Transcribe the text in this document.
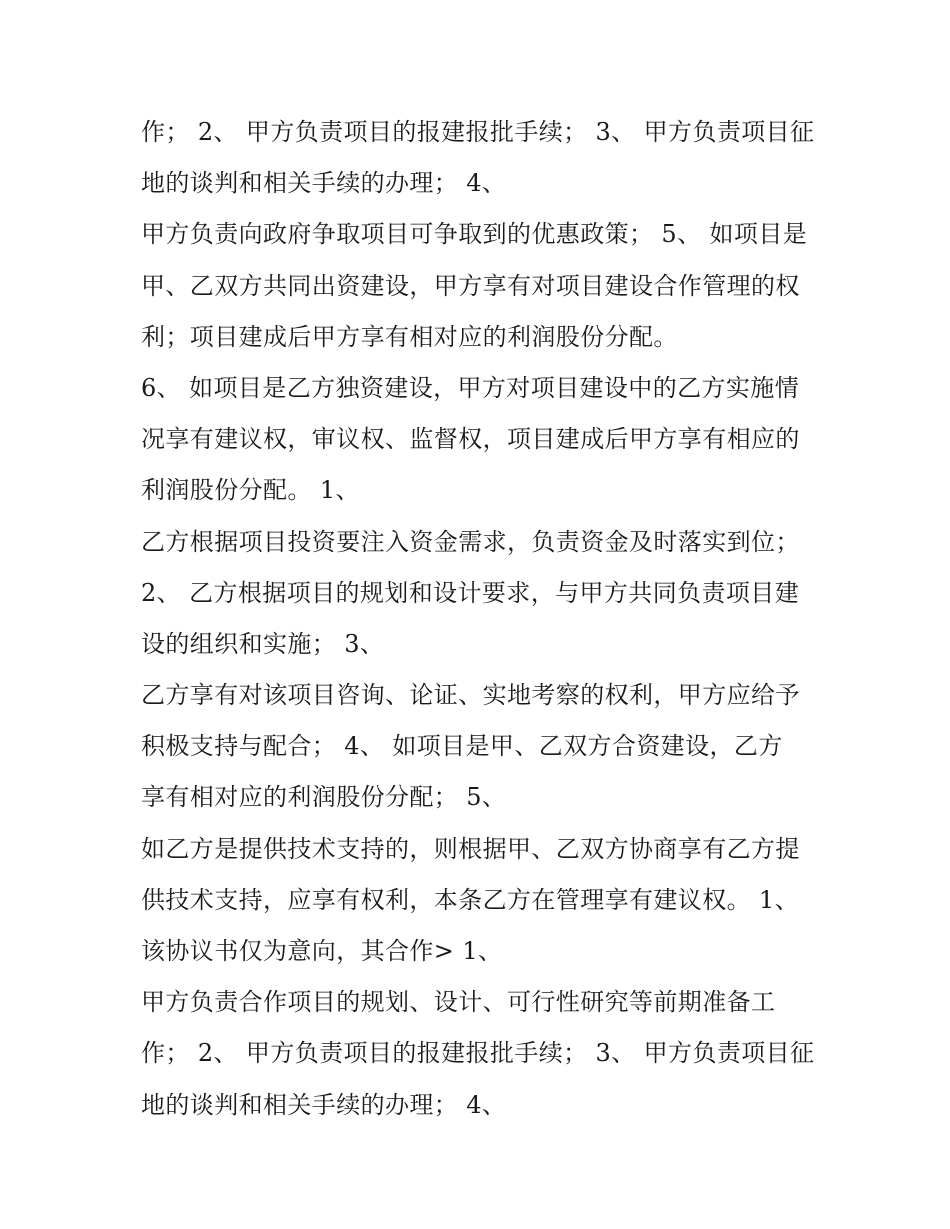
作； 2、 甲方负责项目的报建报批手续； 3、 甲方负责项目征
地的谈判和相关手续的办理； 4、
甲方负责向政府争取项目可争取到的优惠政策； 5、 如项目是
甲、乙双方共同出资建设，甲方享有对项目建设合作管理的权
利；项目建成后甲方享有相对应的利润股份分配。
6、 如项目是乙方独资建设，甲方对项目建设中的乙方实施情
况享有建议权，审议权、监督权，项目建成后甲方享有相应的
利润股份分配。 1、
乙方根据项目投资要注入资金需求，负责资金及时落实到位；
2、 乙方根据项目的规划和设计要求，与甲方共同负责项目建
设的组织和实施； 3、
乙方享有对该项目咨询、论证、实地考察的权利，甲方应给予
积极支持与配合； 4、 如项目是甲、乙双方合资建设，乙方
享有相对应的利润股份分配； 5、
如乙方是提供技术支持的，则根据甲、乙双方协商享有乙方提
供技术支持，应享有权利，本条乙方在管理享有建议权。 1、
该协议书仅为意向，其合作> 1、
甲方负责合作项目的规划、设计、可行性研究等前期准备工
作； 2、 甲方负责项目的报建报批手续； 3、 甲方负责项目征
地的谈判和相关手续的办理； 4、
